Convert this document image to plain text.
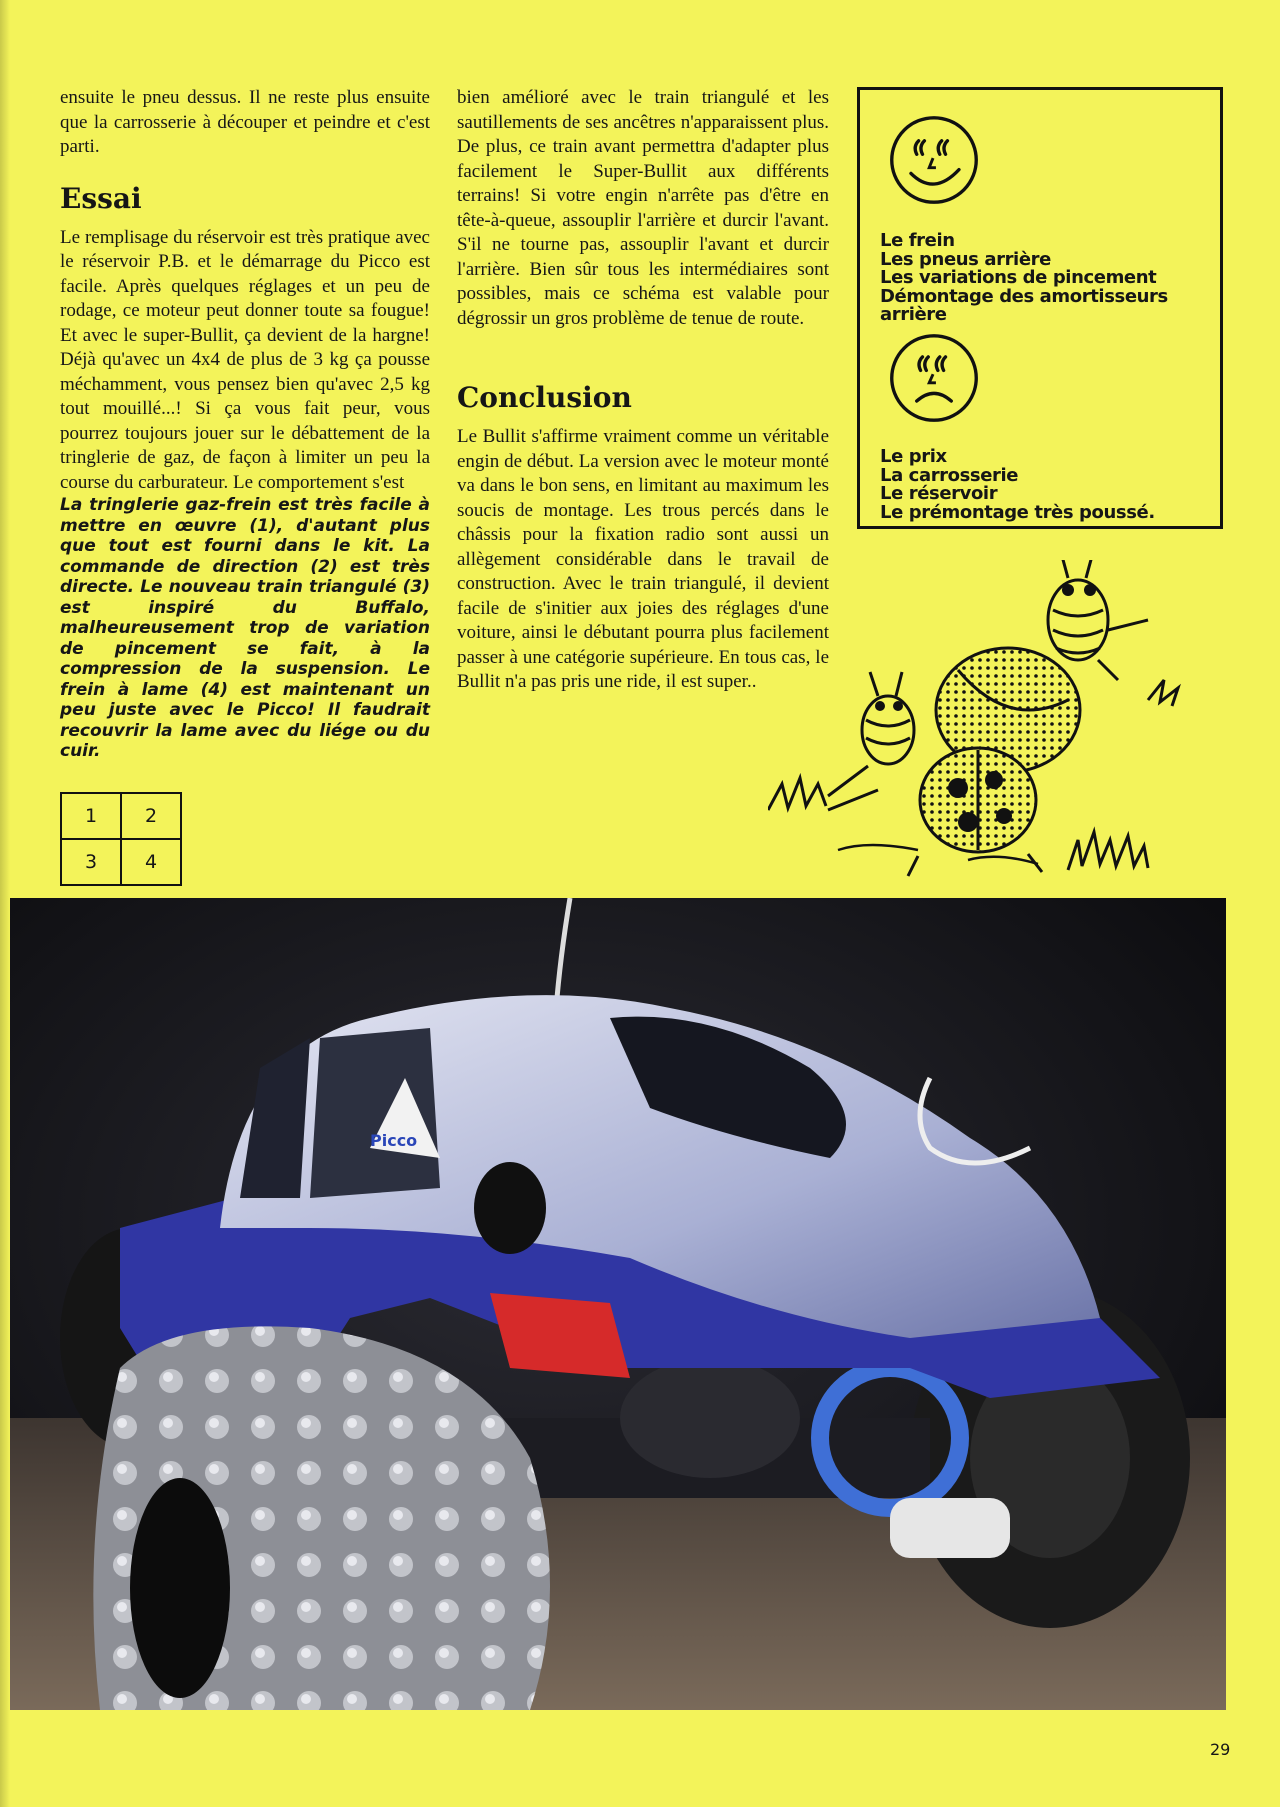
ensuite le pneu dessus. Il ne reste plus ensuite que la carrosserie à découper et peindre et c'est parti.

Essai

Le remplisage du réservoir est très pratique avec le réservoir P.B. et le démarrage du Picco est facile. Après quelques réglages et un peu de rodage, ce moteur peut donner toute sa fougue! Et avec le super-Bullit, ça devient de la hargne! Déjà qu'avec un 4x4 de plus de 3 kg ça pousse méchamment, vous pensez bien qu'avec 2,5 kg tout mouillé...! Si ça vous fait peur, vous pourrez toujours jouer sur le débattement de la tringlerie de gaz, de façon à limiter un peu la course du carburateur. Le comportement s'est

La tringlerie gaz-frein est très facile à mettre en œuvre (1), d'autant plus que tout est fourni dans le kit. La commande de direction (2) est très directe. Le nouveau train triangulé (3) est inspiré du Buffalo, malheureusement trop de variation de pincement se fait, à la compression de la suspension. Le frein à lame (4) est maintenant un peu juste avec le Picco! Il faudrait recouvrir la lame avec du liége ou du cuir.

bien amélioré avec le train triangulé et les sautillements de ses ancêtres n'apparaissent plus. De plus, ce train avant permettra d'adapter plus facilement le Super-Bullit aux différents terrains! Si votre engin n'arrête pas d'être en tête-à-queue, assouplir l'arrière et durcir l'avant. S'il ne tourne pas, assouplir l'avant et durcir l'arrière. Bien sûr tous les intermédiaires sont possibles, mais ce schéma est valable pour dégrossir un gros problème de tenue de route.

Conclusion

Le Bullit s'affirme vraiment comme un véritable engin de début. La version avec le moteur monté va dans le bon sens, en limitant au maximum les soucis de montage. Les trous percés dans le châssis pour la fixation radio sont aussi un allègement considérable dans le travail de construction. Avec le train triangulé, il devient facile de s'initier aux joies des réglages d'une voiture, ainsi le débutant pourra plus facilement passer à une catégorie supérieure. En tous cas, le Bullit n'a pas pris une ride, il est super..

Le frein
Les pneus arrière
Les variations de pincement
Démontage des amortisseurs arrière
Le prix
La carrosserie
Le réservoir
Le prémontage très poussé.
1	2
3	4
Picco
29
